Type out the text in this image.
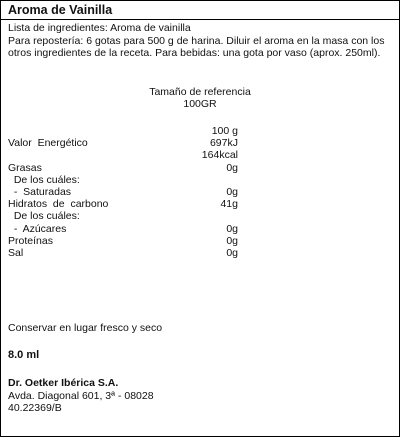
Aroma de Vainilla

Lista de ingredientes: Aroma de vainilla

Para repostería: 6 gotas para 500 g de harina. Diluir el aroma en la masa con los otros ingredientes de la receta. Para bebidas: una gota por vaso (aprox. 250ml).

Tamaño de referencia
100GR
100 g
Valor  Energético	697kJ
164kcal
Grasas	0g
De los cuáles:
-  Saturadas	0g
Hidratos  de  carbono	41g
De los cuáles:
-  Azúcares	0g
Proteínas	0g
Sal	0g
Conservar en lugar fresco y seco
8.0 ml
Dr. Oetker Ibérica S.A.
Avda. Diagonal 601, 3ª - 08028
40.22369/B
